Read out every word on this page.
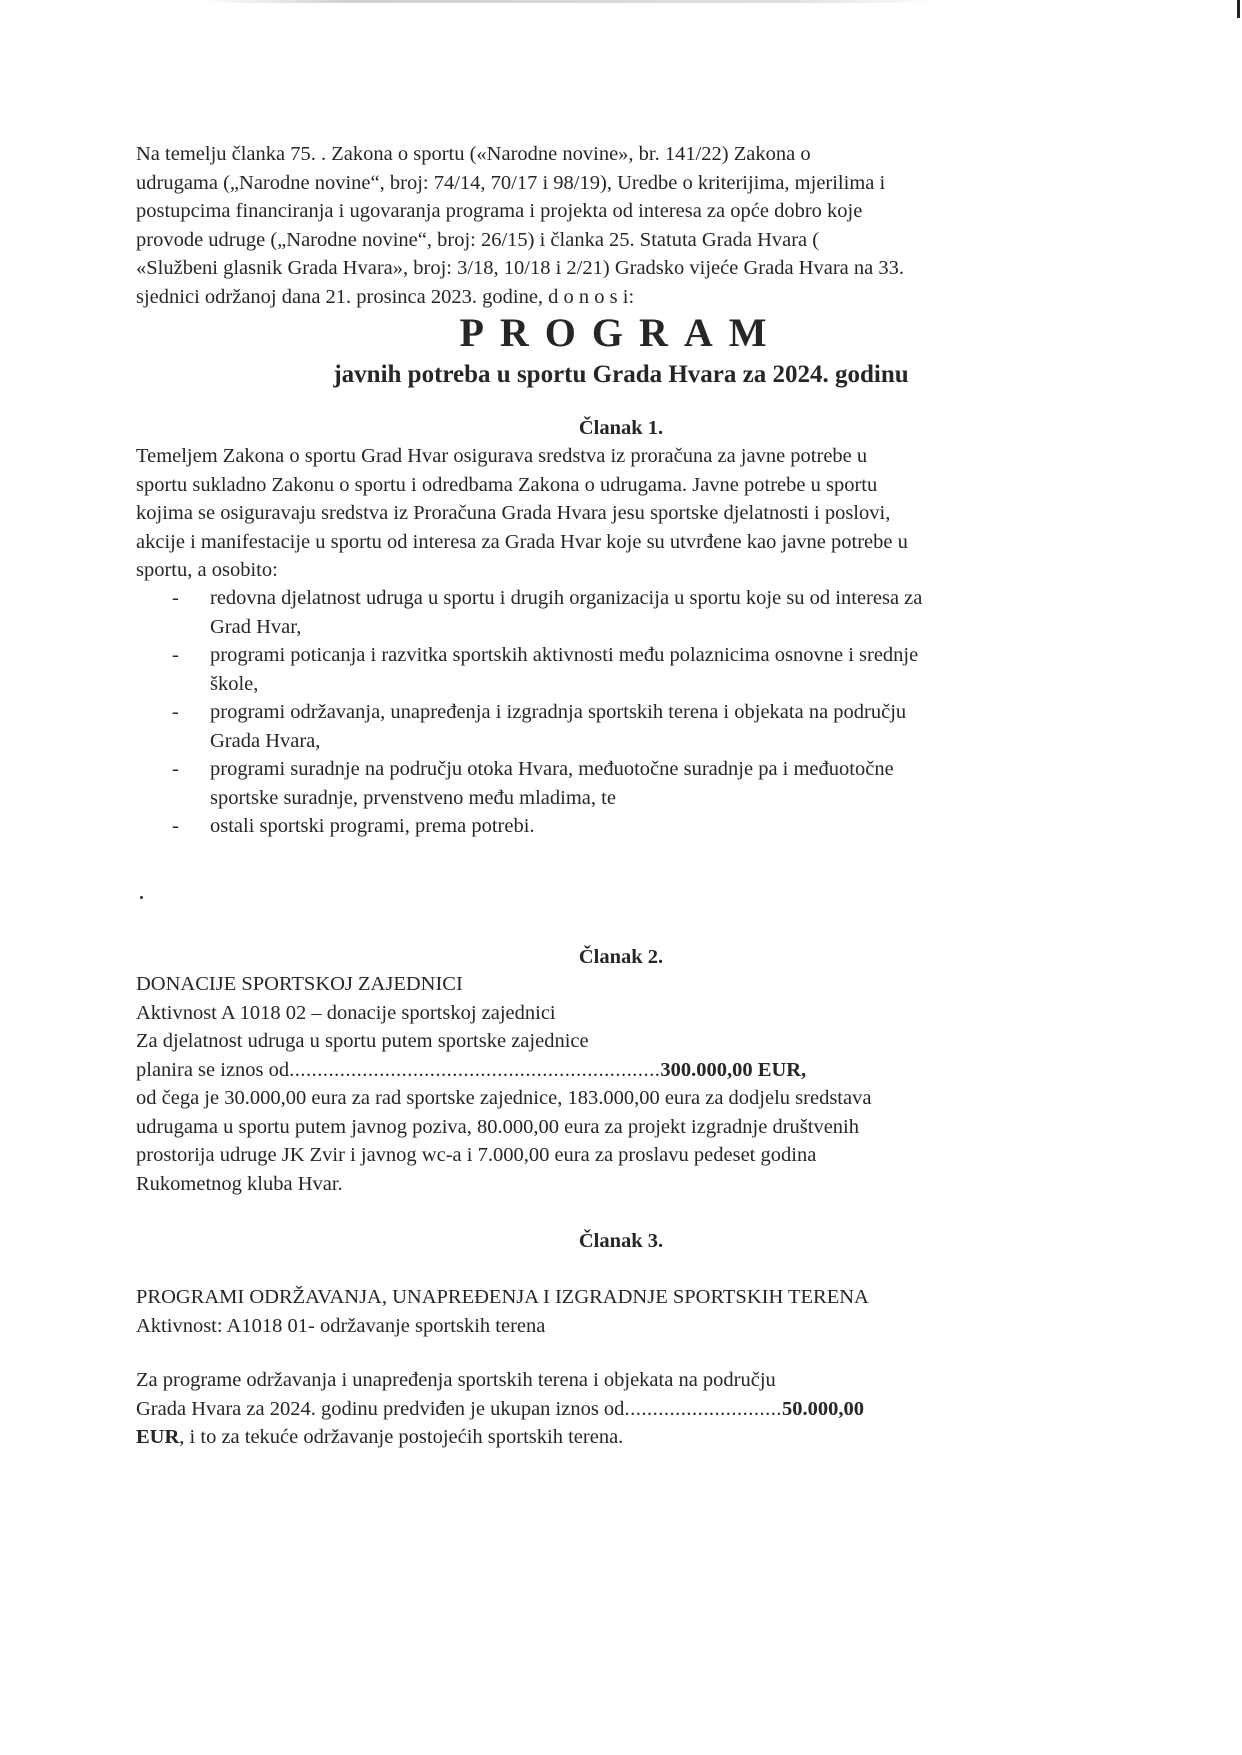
Na temelju članka 75. . Zakona o sportu («Narodne novine», br. 141/22) Zakona o
udrugama („Narodne novine“, broj: 74/14, 70/17 i 98/19), Uredbe o kriterijima, mjerilima i
postupcima financiranja i ugovaranja programa i projekta od interesa za opće dobro koje
provode udruge („Narodne novine“, broj: 26/15) i članka 25. Statuta Grada Hvara (
«Službeni glasnik Grada Hvara», broj: 3/18, 10/18 i 2/21) Gradsko vijeće Grada Hvara na 33.
sjednici održanoj dana 21. prosinca 2023. godine, d o n o s i:
PROGRAM
javnih potreba u sportu Grada Hvara za 2024. godinu
Članak 1.
Temeljem Zakona o sportu Grad Hvar osigurava sredstva iz proračuna za javne potrebe u
sportu sukladno Zakonu o sportu i odredbama Zakona o udrugama. Javne potrebe u sportu
kojima se osiguravaju sredstva iz Proračuna Grada Hvara jesu sportske djelatnosti i poslovi,
akcije i manifestacije u sportu od interesa za Grada Hvar koje su utvrđene kao javne potrebe u
sportu, a osobito:
- redovna djelatnost udruga u sportu i drugih organizacija u sportu koje su od interesa za
Grad Hvar,
- programi poticanja i razvitka sportskih aktivnosti među polaznicima osnovne i srednje
škole,
- programi održavanja, unapređenja i izgradnja sportskih terena i objekata na području
Grada Hvara,
- programi suradnje na području otoka Hvara, međuotočne suradnje pa i međuotočne
sportske suradnje, prvenstveno među mladima, te
- ostali sportski programi, prema potrebi.
Članak 2.
DONACIJE SPORTSKOJ ZAJEDNICI
Aktivnost A 1018 02 – donacije sportskoj zajednici
Za djelatnost udruga u sportu putem sportske zajednice
planira se iznos od..................................................................300.000,00 EUR,
od čega je 30.000,00 eura za rad sportske zajednice, 183.000,00 eura za dodjelu sredstava
udrugama u sportu putem javnog poziva, 80.000,00 eura za projekt izgradnje društvenih
prostorija udruge JK Zvir i javnog wc-a i 7.000,00 eura za proslavu pedeset godina
Rukometnog kluba Hvar.
Članak 3.
PROGRAMI ODRŽAVANJA, UNAPREĐENJA I IZGRADNJE SPORTSKIH TERENA
Aktivnost: A1018 01- održavanje sportskih terena
Za programe održavanja i unapređenja sportskih terena i objekata na području
Grada Hvara za 2024. godinu predviđen je ukupan iznos od............................50.000,00
EUR, i to za tekuće održavanje postojećih sportskih terena.
